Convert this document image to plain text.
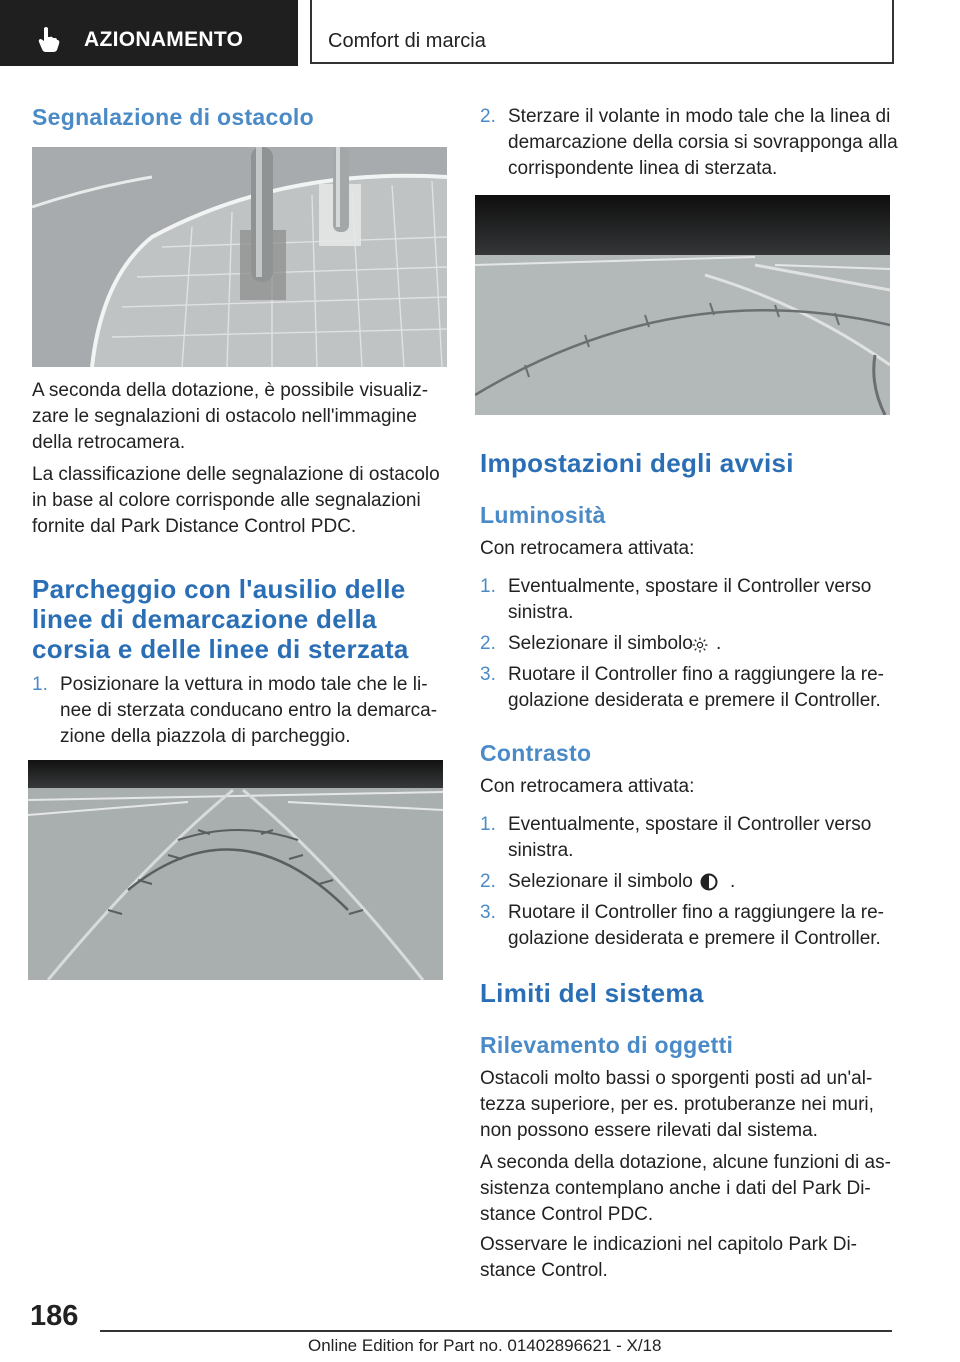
AZIONAMENTO	Comfort di marcia
Segnalazione di ostacolo

A seconda della dotazione, è possibile visualiz-

zare le segnalazioni di ostacolo nell'immagine

della retrocamera.

La classificazione delle segnalazione di ostacolo

in base al colore corrisponde alle segnalazioni

fornite dal Park Distance Control PDC.

Parcheggio con l'ausilio delle
linee di demarcazione della
corsia e delle linee di sterzata
1. Posizionare la vettura in modo tale che le li-
nee di sterzata conducano entro la demarca-
zione della piazzola di parcheggio.
2. Sterzare il volante in modo tale che la linea di
demarcazione della corsia si sovrapponga alla
corrispondente linea di sterzata.
Impostazioni degli avvisi
Luminosità

Con retrocamera attivata:

1. Eventualmente, spostare il Controller verso
sinistra.
2. Selezionare il simbolo .
3. Ruotare il Controller fino a raggiungere la re-
golazione desiderata e premere il Controller.
Contrasto

Con retrocamera attivata:

1. Eventualmente, spostare il Controller verso
sinistra.
2. Selezionare il simbolo .
3. Ruotare il Controller fino a raggiungere la re-
golazione desiderata e premere il Controller.
Limiti del sistema
Rilevamento di oggetti

Ostacoli molto bassi o sporgenti posti ad un'al-

tezza superiore, per es. protuberanze nei muri,

non possono essere rilevati dal sistema.

A seconda della dotazione, alcune funzioni di as-

sistenza contemplano anche i dati del Park Di-

stance Control PDC.

Osservare le indicazioni nel capitolo Park Di-

stance Control.

186
Online Edition for Part no. 01402896621 - X/18
